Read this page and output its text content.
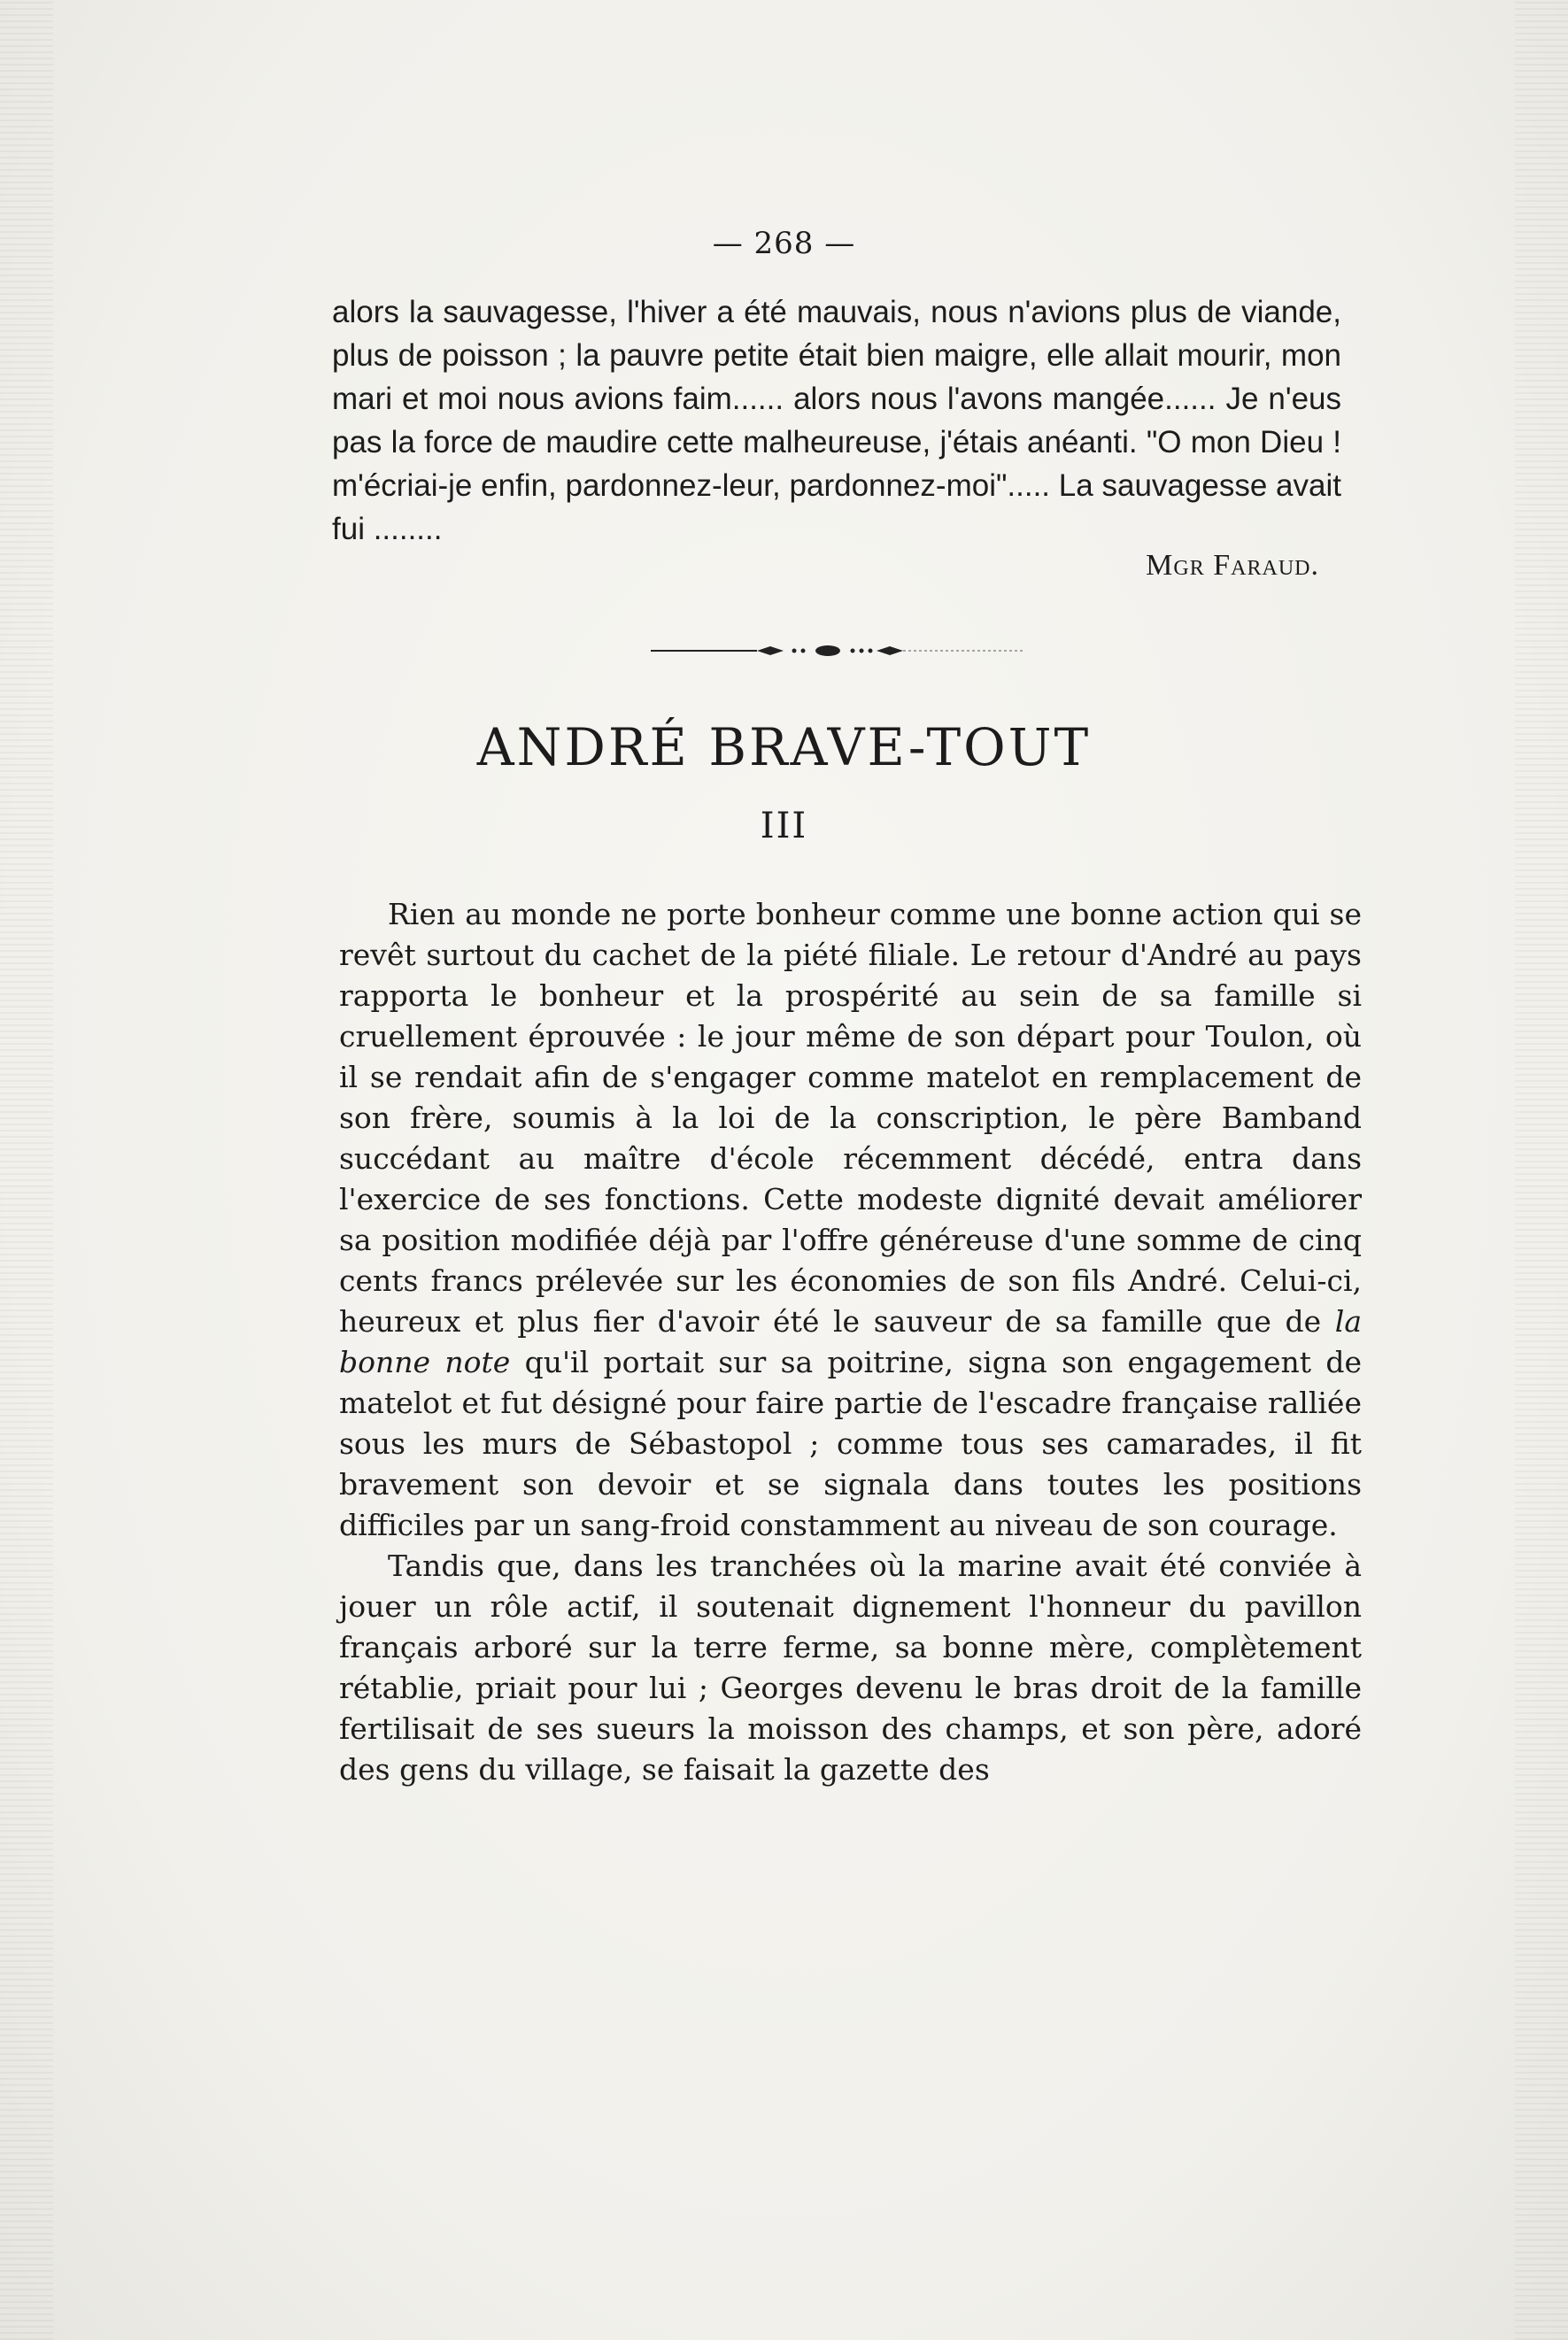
— 268 —

alors la sauvagesse, l'hiver a été mauvais, nous n'avions plus de viande, plus de poisson ; la pauvre petite était bien maigre, elle allait mourir, mon mari et moi nous avions faim...... alors nous l'avons mangée...... Je n'eus pas la force de maudire cette malheureuse, j'étais anéanti. "O mon Dieu ! m'écriai-je enfin, pardonnez-leur, pardonnez-moi"..... La sauvagesse avait fui ........

Mgr Faraud.
ANDRÉ BRAVE-TOUT
III

Rien au monde ne porte bonheur comme une bonne action qui se revêt surtout du cachet de la piété filiale. Le retour d'André au pays rapporta le bonheur et la prospérité au sein de sa famille si cruellement éprouvée : le jour même de son départ pour Toulon, où il se rendait afin de s'engager comme matelot en remplacement de son frère, soumis à la loi de la conscription, le père Bamband succédant au maître d'école récemment décédé, entra dans l'exercice de ses fonctions. Cette modeste dignité devait améliorer sa position modifiée déjà par l'offre généreuse d'une somme de cinq cents francs prélevée sur les économies de son fils André. Celui-ci, heureux et plus fier d'avoir été le sauveur de sa famille que de la bonne note qu'il portait sur sa poitrine, signa son engagement de matelot et fut désigné pour faire partie de l'escadre française ralliée sous les murs de Sébastopol ; comme tous ses camarades, il fit bravement son devoir et se signala dans toutes les positions difficiles par un sang-froid constamment au niveau de son courage.

Tandis que, dans les tranchées où la marine avait été conviée à jouer un rôle actif, il soutenait dignement l'honneur du pavillon français arboré sur la terre ferme, sa bonne mère, complètement rétablie, priait pour lui ; Georges devenu le bras droit de la famille fertilisait de ses sueurs la moisson des champs, et son père, adoré des gens du village, se faisait la gazette des
